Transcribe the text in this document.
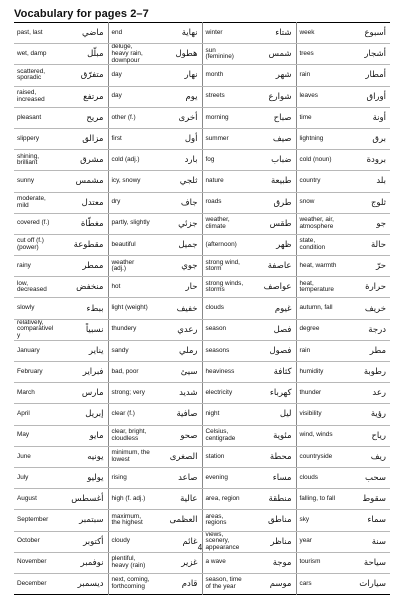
Vocabulary for pages 2–7
past, last	ماضي	end	نهاية	winter	شتاء	week	أسبوع
wet, damp	مبلّل	deluge, heavy rain, downpour	هطول	sun (feminine)	شمس	trees	أشجار
scattered, sporadic	متفرّق	day	نهار	month	شهر	rain	أمطار
raised, increased	مرتفع	day	يوم	streets	شوارع	leaves	أوراق
pleasant	مريح	other (f.)	أخرى	morning	صباح	time	أونة
slippery	مزالق	first	أول	summer	صيف	lightning	برق
shining, brilliant	مشرق	cold (adj.)	بارد	fog	ضباب	cold (noun)	برودة
sunny	مشمس	icy, snowy	ثلجي	nature	طبيعة	country	بلد
moderate, mild	معتدل	dry	جاف	roads	طرق	snow	ثلوج
covered (f.)	مغطّاة	partly, slightly	جزئي	weather, climate	طقس	weather, air, atmosphere	جو
cut off (f.) (power)	مقطوعة	beautiful	جميل	(afternoon)	ظهر	state, condition	حالة
rainy	ممطر	weather (adj.)	جوي	strong wind, storm	عاصفة	heat, warmth	حرّ
low, decreased	منخفض	hot	حار	strong winds, storms	عواصف	heat, temperature	حرارة
slowly	ببطء	light (weight)	خفيف	clouds	غيوم	autumn, fall	خريف
relatively, comparatively	نسبياً	thundery	رعدي	season	فصل	degree	درجة
January	يناير	sandy	رملي	seasons	فصول	rain	مطر
February	فبراير	bad, poor	سيئ	heaviness	كثافة	humidity	رطوبة
March	مارس	strong; very	شديد	electricity	كهرباء	thunder	رعد
April	إبريل	clear (f.)	صافية	night	ليل	visibility	رؤية
May	مايو	clear, bright, cloudless	صحو	Celsius, centigrade	مئوية	wind, winds	رياح
June	يونيه	minimum, the lowest	الصغرى	station	محطة	countryside	ريف
July	يوليو	rising	صاعد	evening	مساء	clouds	سحب
August	أغسطس	high (f. adj.)	عالية	area, region	منطقة	falling, to fall	سقوط
September	سبتمبر	maximum, the highest	العظمى	areas, regions	مناطق	sky	سماء
October	أكتوبر	cloudy	غائم	views, scenery, appearance	مناظر	year	سنة
November	نوفمبر	plentiful, heavy (rain)	غزير	a wave	موجة	tourism	سياحة
December	ديسمبر	next, coming, forthcoming	قادم	season, time of the year	موسم	cars	سيارات
4
